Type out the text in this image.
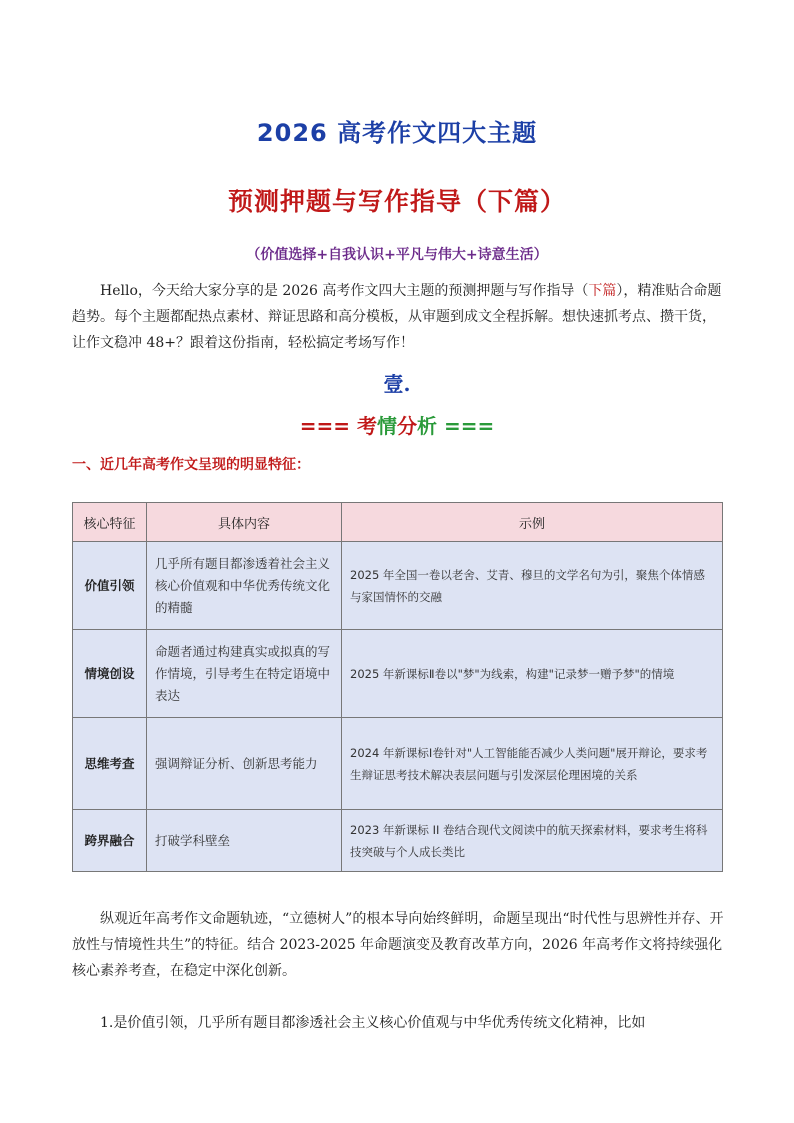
2026 高考作文四大主题
预测押题与写作指导（下篇）
（价值选择+自我认识+平凡与伟大+诗意生活）
Hello，今天给大家分享的是 2026 高考作文四大主题的预测押题与写作指导（下篇），精准贴合命题趋势。每个主题都配热点素材、辩证思路和高分模板，从审题到成文全程拆解。想快速抓考点、攒干货，让作文稳冲 48+？跟着这份指南，轻松搞定考场写作！
壹.
=== 考情分析 ===
一、近几年高考作文呈现的明显特征：
核心特征	具体内容	示例
价值引领	几乎所有题目都渗透着社会主义核心价值观和中华优秀传统文化的精髓	2025 年全国一卷以老舍、艾青、穆旦的文学名句为引，聚焦个体情感与家国情怀的交融
情境创设	命题者通过构建真实或拟真的写作情境，引导考生在特定语境中表达	2025 年新课标Ⅱ卷以"梦"为线索，构建"记录梦一赠予梦"的情境
思维考查	强调辩证分析、创新思考能力	2024 年新课标Ⅰ卷针对"人工智能能否减少人类问题"展开辩论，要求考生辩证思考技术解决表层问题与引发深层伦理困境的关系
跨界融合	打破学科壁垒	2023 年新课标 II 卷结合现代文阅读中的航天探索材料，要求考生将科技突破与个人成长类比
纵观近年高考作文命题轨迹，“立德树人”的根本导向始终鲜明，命题呈现出“时代性与思辨性并存、开放性与情境性共生”的特征。结合 2023-2025 年命题演变及教育改革方向，2026 年高考作文将持续强化核心素养考查，在稳定中深化创新。
1.是价值引领，几乎所有题目都渗透社会主义核心价值观与中华优秀传统文化精神，比如
